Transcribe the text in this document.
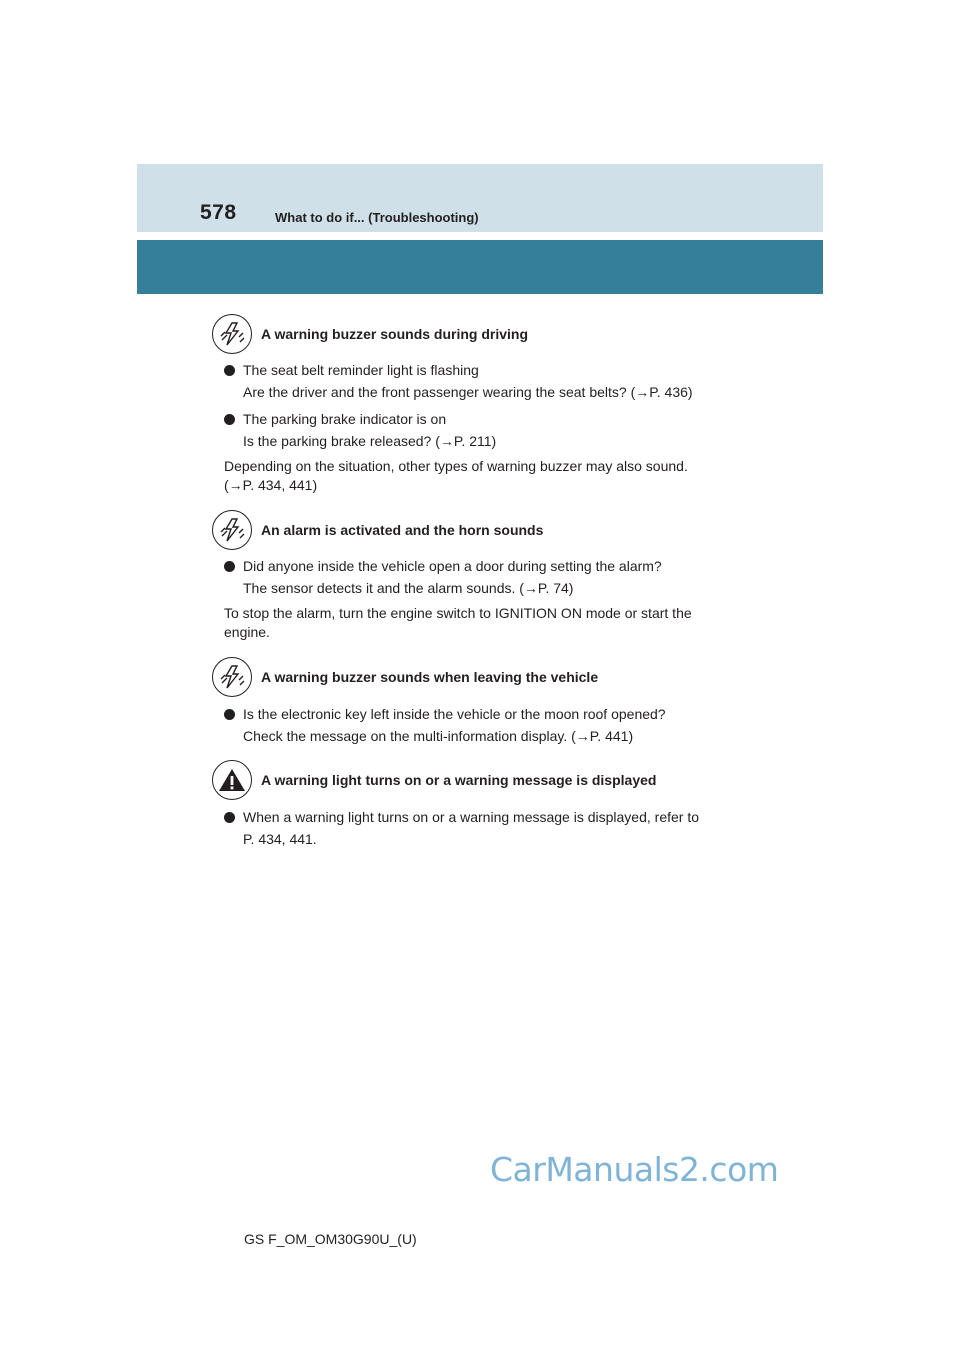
578	What to do if... (Troubleshooting)
A warning buzzer sounds during driving
The seat belt reminder light is flashing
Are the driver and the front passenger wearing the seat belts? (→P. 436)
The parking brake indicator is on
Is the parking brake released? (→P. 211)
Depending on the situation, other types of warning buzzer may also sound.
(→P. 434, 441)
An alarm is activated and the horn sounds
Did anyone inside the vehicle open a door during setting the alarm?
The sensor detects it and the alarm sounds. (→P. 74)
To stop the alarm, turn the engine switch to IGNITION ON mode or start the
engine.
A warning buzzer sounds when leaving the vehicle
Is the electronic key left inside the vehicle or the moon roof opened?
Check the message on the multi-information display. (→P. 441)
A warning light turns on or a warning message is displayed
When a warning light turns on or a warning message is displayed, refer to
P. 434, 441.
CarManuals2.com
GS F_OM_OM30G90U_(U)
